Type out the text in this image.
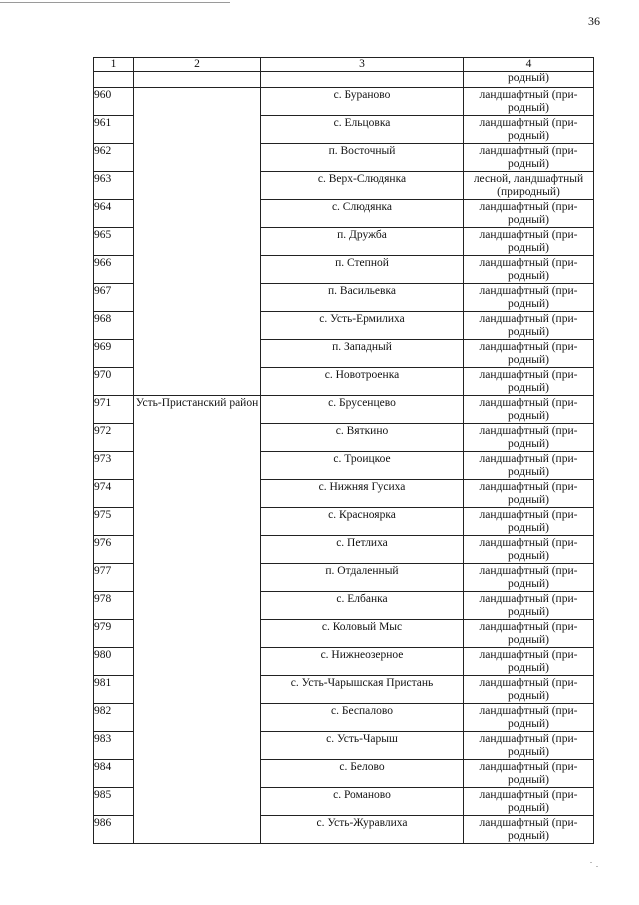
36
1	2	3	4
			родный)
960		с. Бураново	ландшафтный (при-родный)

961		с. Ельцовка	ландшафтный (при-родный)

962		п. Восточный	ландшафтный (при-родный)

963		с. Верх-Слюдянка	лесной, ландшафтный (природный)

964		с. Слюдянка	ландшафтный (при-родный)

965		п. Дружба	ландшафтный (при-родный)

966		п. Степной	ландшафтный (при-родный)

967		п. Васильевка	ландшафтный (при-родный)

968		с. Усть-Ермилиха	ландшафтный (при-родный)

969		п. Западный	ландшафтный (при-родный)

970		с. Новотроенка	ландшафтный (при-родный)

971	Усть-Пристанский район	с. Брусенцево	ландшафтный (при-родный)

972		с. Вяткино	ландшафтный (при-родный)

973		с. Троицкое	ландшафтный (при-родный)

974		с. Нижняя Гусиха	ландшафтный (при-родный)

975		с. Красноярка	ландшафтный (при-родный)

976		с. Петлиха	ландшафтный (при-родный)

977		п. Отдаленный	ландшафтный (при-родный)

978		с. Елбанка	ландшафтный (при-родный)

979		с. Коловый Мыс	ландшафтный (при-родный)

980		с. Нижнеозерное	ландшафтный (при-родный)

981		с. Усть-Чарышская Пристань	ландшафтный (при-родный)

982		с. Беспалово	ландшафтный (при-родный)

983		с. Усть-Чарыш	ландшафтный (при-родный)

984		с. Белово	ландшафтный (при-родный)

985		с. Романово	ландшафтный (при-родный)

986		с. Усть-Журавлиха	ландшафтный (при-родный)
